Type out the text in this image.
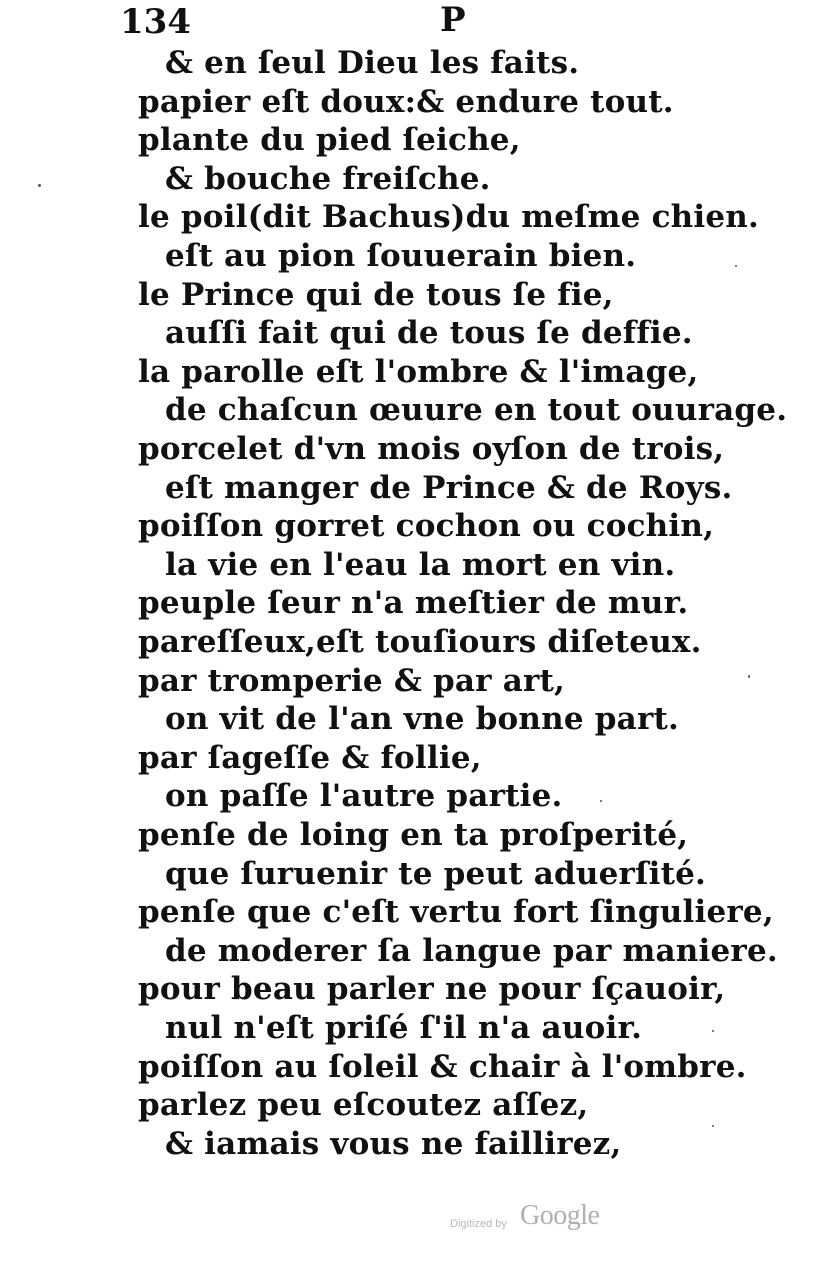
134	P
& en ſeul Dieu les faits.
papier eſt doux:& endure tout.
plante du pied ſeiche,
& bouche freiſche.
le poil(dit Bachus)du meſme chien.
eſt au pion ſouuerain bien.
le Prince qui de tous ſe fie,
auſſi fait qui de tous ſe deffie.
la parolle eſt l'ombre & l'image,
de chaſcun œuure en tout ouurage.
porcelet d'vn mois oyſon de trois,
eſt manger de Prince & de Roys.
poiſſon gorret cochon ou cochin,
la vie en l'eau la mort en vin.
peuple ſeur n'a meſtier de mur.
pareſſeux,eſt touſiours diſeteux.
par tromperie & par art,
on vit de l'an vne bonne part.
par ſageſſe & follie,
on paſſe l'autre partie.
penſe de loing en ta proſperité,
que ſuruenir te peut aduerſité.
penſe que c'eſt vertu fort ſinguliere,
de moderer ſa langue par maniere.
pour beau parler ne pour ſçauoir,
nul n'eſt priſé ſ'il n'a auoir.
poiſſon au ſoleil & chair à l'ombre.
parlez peu eſcoutez aſſez,
& iamais vous ne faillirez,
Digitized by Google
